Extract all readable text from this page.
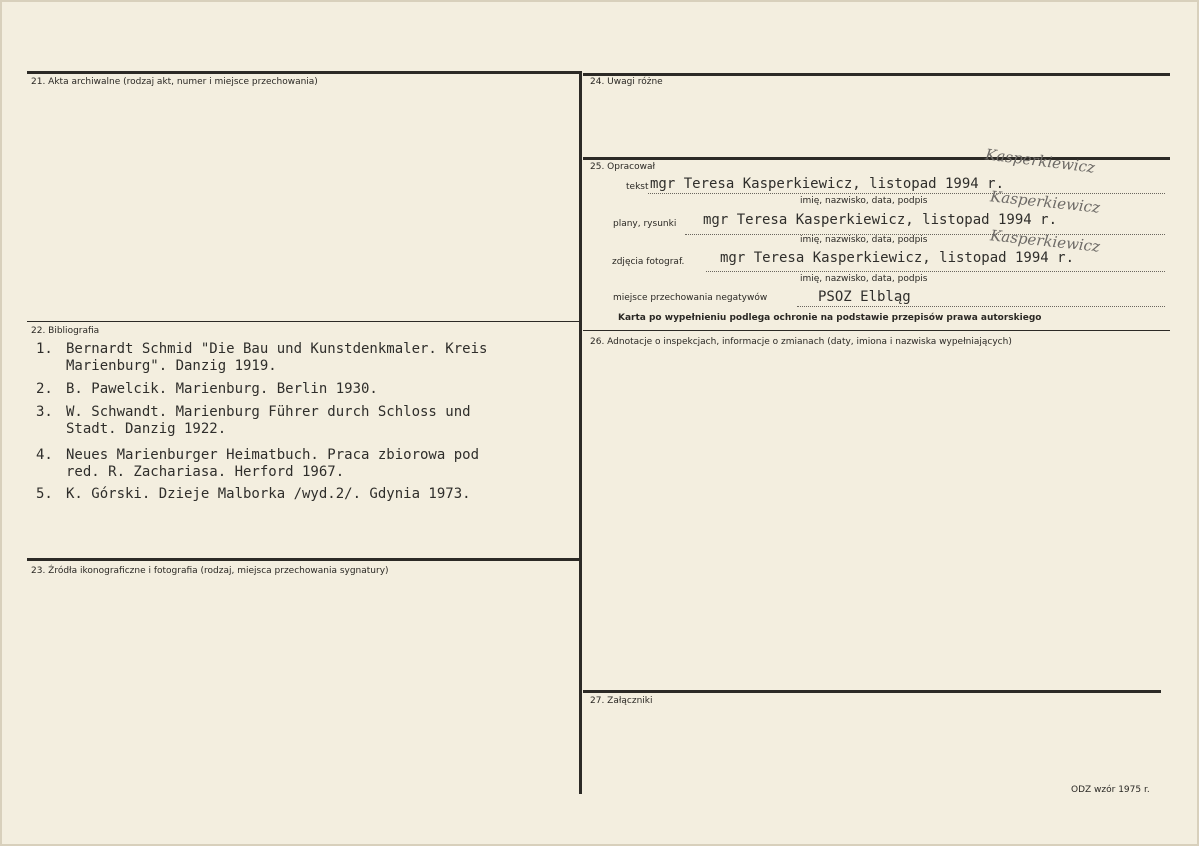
21. Akta archiwalne (rodzaj akt, numer i miejsce przechowania)
22. Bibliografia
23. Źródła ikonograficzne i fotografia (rodzaj, miejsca przechowania sygnatury)
24. Uwagi różne
25. Opracował
26. Adnotacje o inspekcjach, informacje o zmianach (daty, imiona i nazwiska wypełniających)
27. Załączniki
tekst mgr Teresa Kasperkiewicz, listopad 1994 r.
imię, nazwisko, data, podpis
plany, rysunki mgr Teresa Kasperkiewicz, listopad 1994 r.
imię, nazwisko, data, podpis
zdjęcia fotograf.	mgr Teresa Kasperkiewicz, listopad 1994 r.
imię, nazwisko, data, podpis
miejsce przechowania negatywów	PSOZ Elbląg
Karta po wypełnieniu podlega ochronie na podstawie przepisów prawa autorskiego
Kasperkiewicz
Kasperkiewicz
Kasperkiewicz
1. Bernardt Schmid "Die Bau und Kunstdenkmaler. Kreis
Marienburg". Danzig 1919.
2. B. Pawelcik. Marienburg. Berlin 1930.
3. W. Schwandt. Marienburg Führer durch Schloss und
Stadt. Danzig 1922.
4. Neues Marienburger Heimatbuch. Praca zbiorowa pod
red. R. Zachariasa. Herford 1967.
5. K. Górski. Dzieje Malborka /wyd.2/. Gdynia 1973.
ODZ wzór 1975 r.
